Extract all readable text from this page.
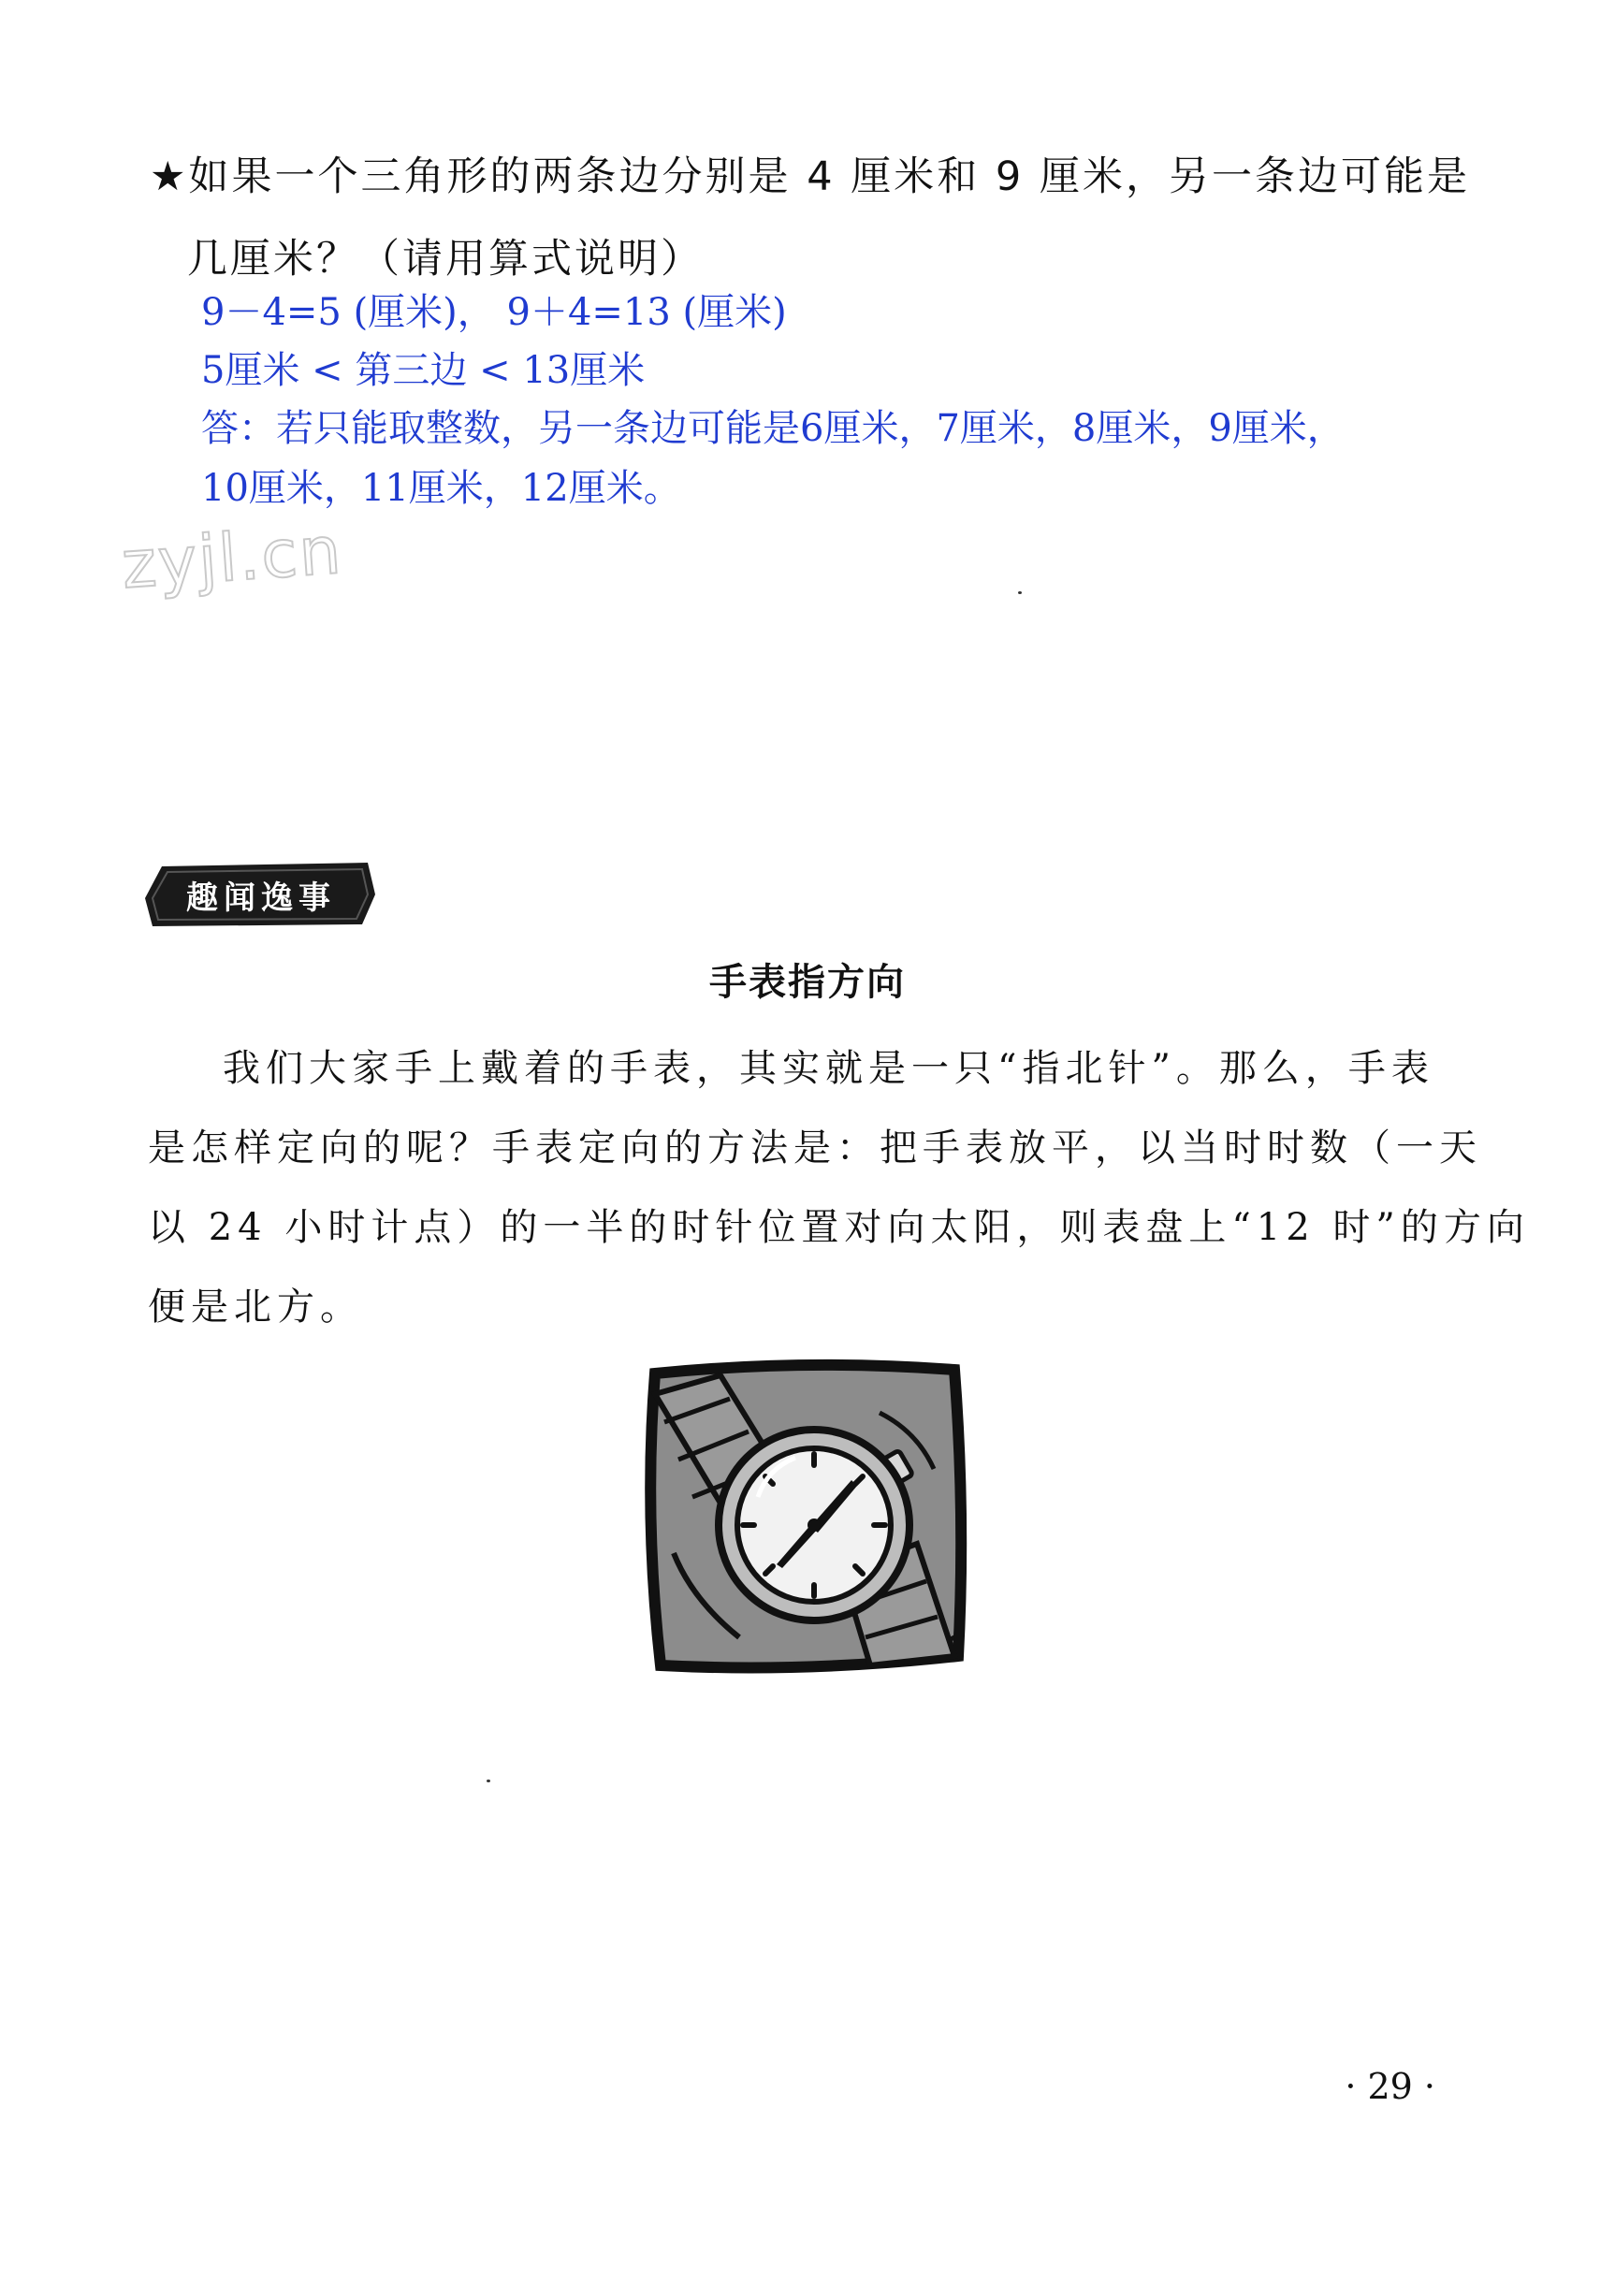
★如果一个三角形的两条边分别是 4 厘米和 9 厘米，另一条边可能是
几厘米？（请用算式说明）
9－4=5 (厘米)， 9＋4=13 (厘米)
5厘米 < 第三边 < 13厘米
答：若只能取整数，另一条边可能是6厘米，7厘米，8厘米，9厘米，
10厘米，11厘米，12厘米。
zyjl.cn
趣闻逸事
手表指方向
我们大家手上戴着的手表，其实就是一只“指北针”。那么，手表
是怎样定向的呢？手表定向的方法是：把手表放平，以当时时数（一天
以 24 小时计点）的一半的时针位置对向太阳，则表盘上“12 时”的方向
便是北方。
· 29 ·
